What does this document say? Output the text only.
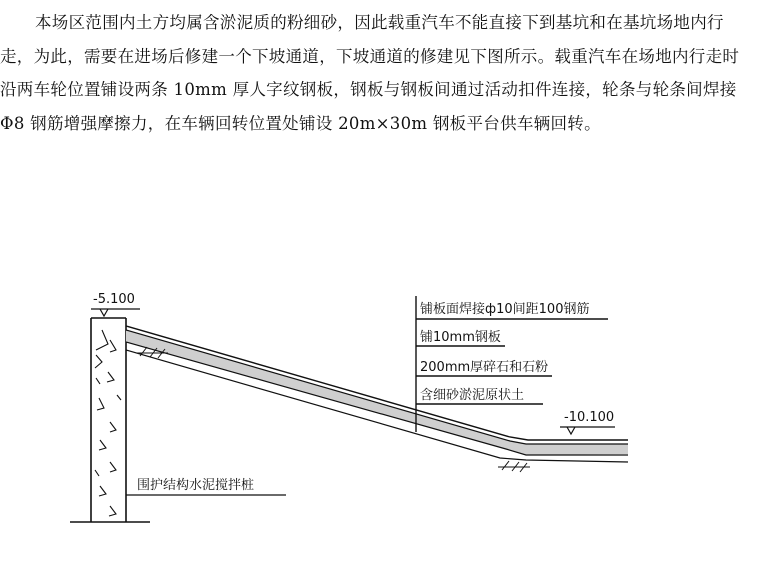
本场区范围内土方均属含淤泥质的粉细砂，因此载重汽车不能直接下到基坑和在基坑场地内行走，为此，需要在进场后修建一个下坡通道，下坡通道的修建见下图所示。载重汽车在场地内行走时沿两车轮位置铺设两条 10mm 厚人字纹钢板，钢板与钢板间通过活动扣件连接，轮条与轮条间焊接Φ8 钢筋增强摩擦力，在车辆回转位置处铺设 20m×30m 钢板平台供车辆回转。

-5.100
铺板面焊接ф10间距100钢筋
铺10mm钢板
200mm厚碎石和石粉
含细砂淤泥原状土
-10.100
围护结构水泥搅拌桩
